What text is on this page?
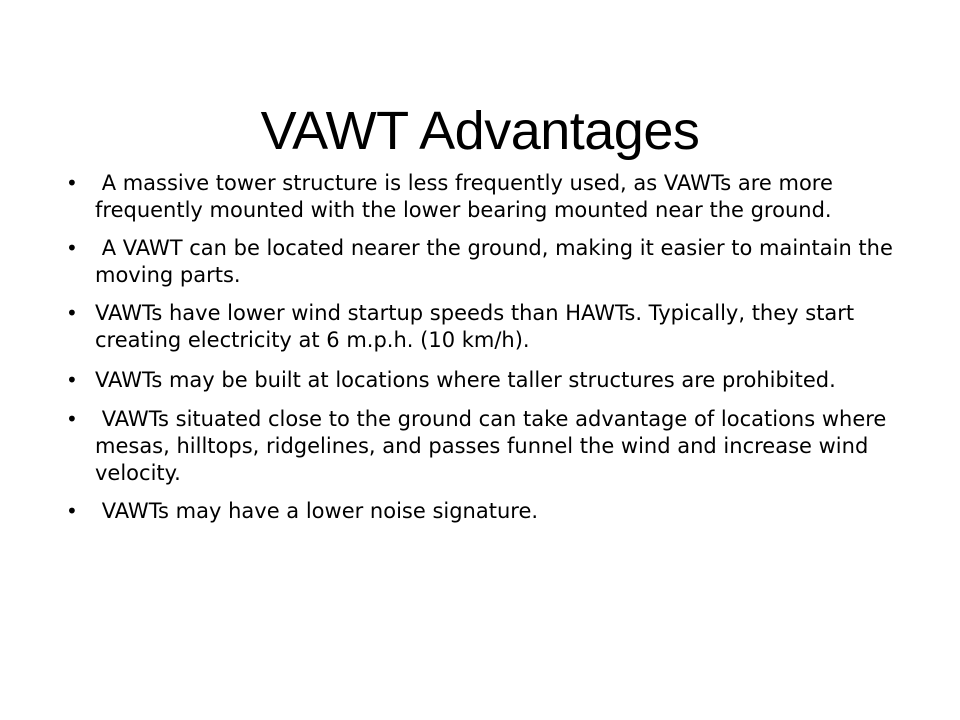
VAWT Advantages
• A massive tower structure is less frequently used, as VAWTs are more frequently mounted with the lower bearing mounted near the ground.
• A VAWT can be located nearer the ground, making it easier to maintain the moving parts.
• VAWTs have lower wind startup speeds than HAWTs. Typically, they start creating electricity at 6 m.p.h. (10 km/h).
• VAWTs may be built at locations where taller structures are prohibited.
• VAWTs situated close to the ground can take advantage of locations where mesas, hilltops, ridgelines, and passes funnel the wind and increase wind velocity.
• VAWTs may have a lower noise signature.
